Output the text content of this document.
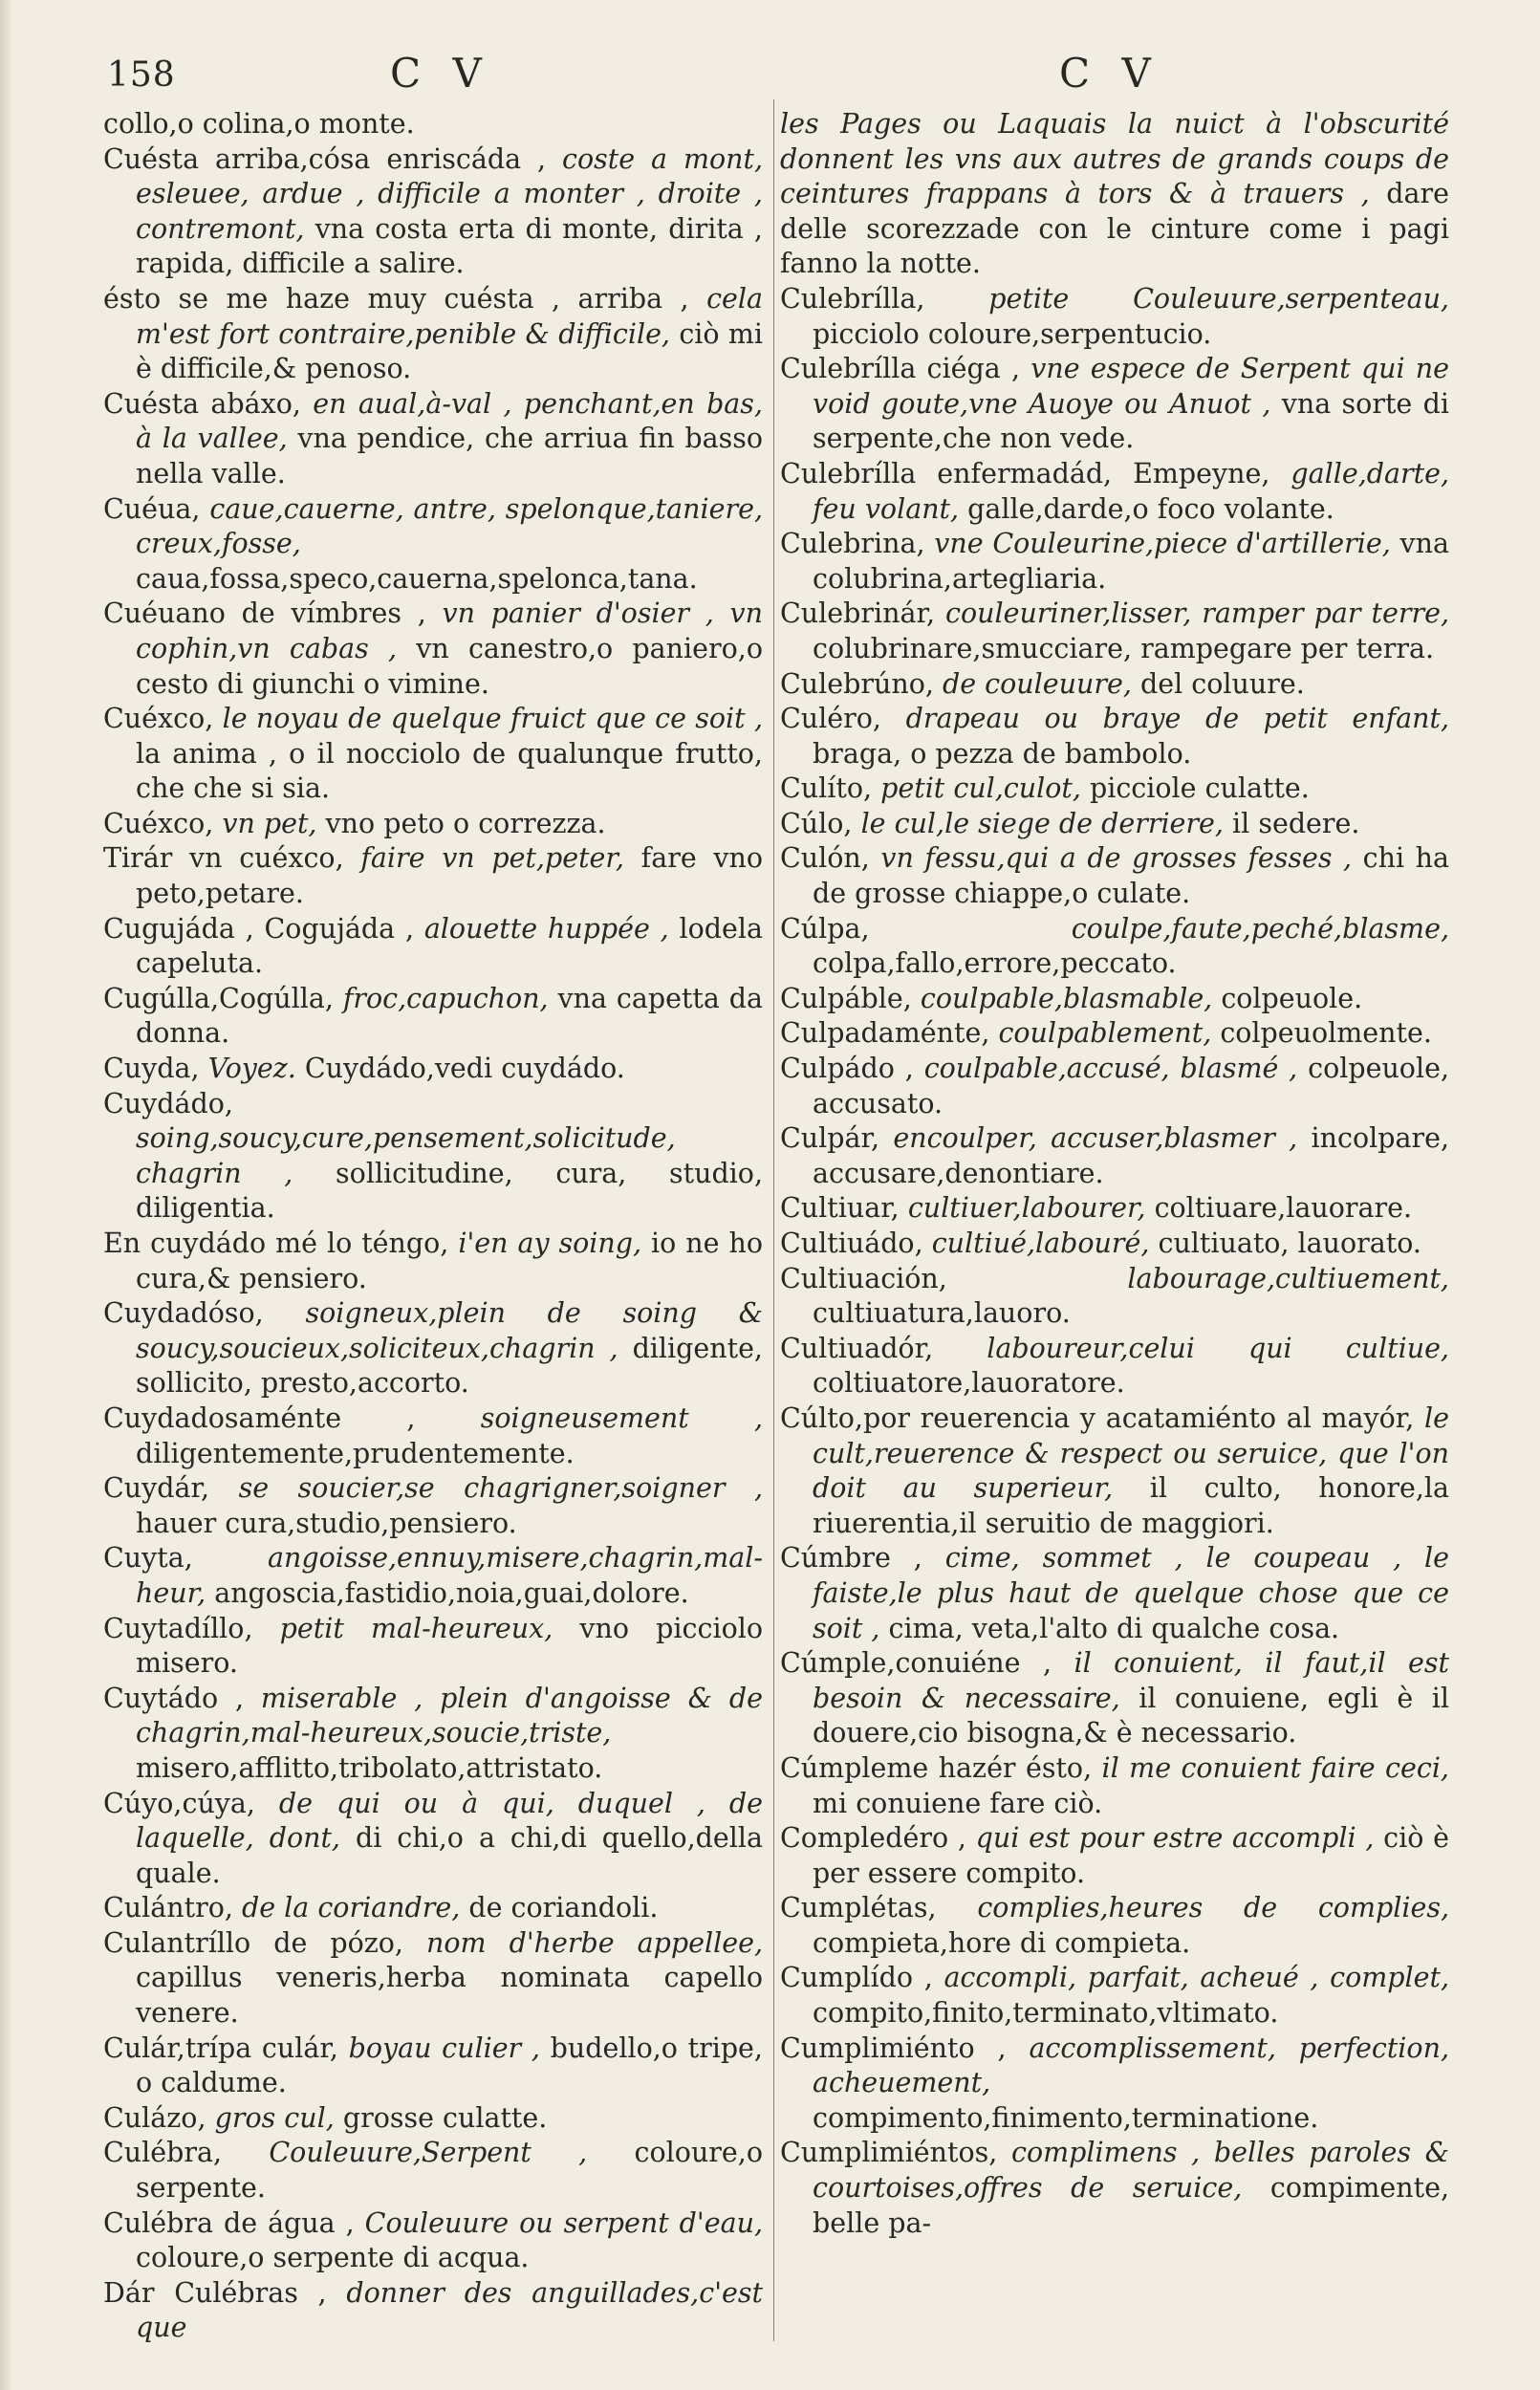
158	C V	C V

collo,o colina,o monte.

Cuésta arriba,cósa enriscáda , coste a mont, esleuee, ardue , difficile a monter , droite , contremont, vna costa erta di monte, dirita , rapida, difficile a salire.

ésto se me haze muy cuésta , arriba , cela m'est fort contraire,penible & difficile, ciò mi è difficile,& penoso.

Cuésta abáxo, en aual,à-val , penchant,en bas, à la vallee, vna pendice, che arriua fin basso nella valle.

Cuéua, caue,cauerne, antre, spelonque,taniere, creux,fosse, caua,fossa,speco,cauerna,spelonca,tana.

Cuéuano de vímbres , vn panier d'osier , vn cophin,vn cabas , vn canestro,o paniero,o cesto di giunchi o vimine.

Cuéxco, le noyau de quelque fruict que ce soit , la anima , o il nocciolo de qualunque frutto, che che si sia.

Cuéxco, vn pet, vno peto o correzza.

Tirár vn cuéxco, faire vn pet,peter, fare vno peto,petare.

Cugujáda , Cogujáda , alouette huppée , lodela capeluta.

Cugúlla,Cogúlla, froc,capuchon, vna capetta da donna.

Cuyda, Voyez. Cuydádo,vedi cuydádo.

Cuydádo, soing,soucy,cure,pensement,solicitude, chagrin , sollicitudine, cura, studio, diligentia.

En cuydádo mé lo téngo, i'en ay soing, io ne ho cura,& pensiero.

Cuydadóso, soigneux,plein de soing & soucy,soucieux,soliciteux,chagrin , diligente, sollicito, presto,accorto.

Cuydadosaménte , soigneusement , diligentemente,prudentemente.

Cuydár, se soucier,se chagrigner,soigner , hauer cura,studio,pensiero.

Cuyta,	angoisse,ennuy,misere,chagrin,mal-heur, angoscia,fastidio,noia,guai,dolore.

Cuytadíllo, petit mal-heureux, vno picciolo misero.

Cuytádo , miserable , plein d'angoisse & de chagrin,mal-heureux,soucie,triste, misero,afflitto,tribolato,attristato.

Cúyo,cúya, de qui ou à qui, duquel , de laquelle, dont, di chi,o a chi,di quello,della quale.

Culántro, de la coriandre, de coriandoli.

Culantríllo de pózo, nom d'herbe appellee, capillus veneris,herba nominata capello venere.

Culár,trípa culár, boyau culier , budello,o tripe, o caldume.

Culázo, gros cul, grosse culatte.

Culébra, Couleuure,Serpent , coloure,o serpente.

Culébra de água , Couleuure ou serpent d'eau, coloure,o serpente di acqua.

Dár Culébras , donner des anguillades,c'est que

les Pages ou Laquais la nuict à l'obscurité donnent les vns aux autres de grands coups de ceintures frappans à tors & à trauers , dare delle scorezzade con le cinture come i pagi fanno la notte.

Culebrílla, petite Couleuure,serpenteau, picciolo coloure,serpentucio.

Culebrílla ciéga , vne espece de Serpent qui ne void goute,vne Auoye ou Anuot , vna sorte di serpente,che non vede.

Culebrílla enfermadád, Empeyne, galle,darte, feu volant, galle,darde,o foco volante.

Culebrina, vne Couleurine,piece d'artillerie, vna colubrina,artegliaria.

Culebrinár, couleuriner,lisser, ramper par terre, colubrinare,smucciare, rampegare per terra.

Culebrúno, de couleuure, del coluure.

Culéro, drapeau ou braye de petit enfant, braga, o pezza de bambolo.

Culíto, petit cul,culot, picciole culatte.

Cúlo, le cul,le siege de derriere, il sedere.

Culón, vn fessu,qui a de grosses fesses , chi ha de grosse chiappe,o culate.

Cúlpa,	coulpe,faute,peché,blasme, colpa,fallo,errore,peccato.

Culpáble, coulpable,blasmable, colpeuole.

Culpadaménte, coulpablement, colpeuolmente.

Culpádo , coulpable,accusé, blasmé , colpeuole, accusato.

Culpár, encoulper, accuser,blasmer , incolpare, accusare,denontiare.

Cultiuar, cultiuer,labourer, coltiuare,lauorare.

Cultiuádo, cultiué,labouré, cultiuato, lauorato.

Cultiuación,	labourage,cultiuement, cultiuatura,lauoro.

Cultiuadór, laboureur,celui qui cultiue, coltiuatore,lauoratore.

Cúlto,por reuerencia y acatamiénto al mayór, le cult,reuerence & respect ou seruice, que l'on doit au superieur, il culto, honore,la riuerentia,il seruitio de maggiori.

Cúmbre , cime, sommet , le coupeau , le faiste,le plus haut de quelque chose que ce soit , cima, veta,l'alto di qualche cosa.

Cúmple,conuiéne , il conuient, il faut,il est besoin & necessaire, il conuiene, egli è il douere,cio bisogna,& è necessario.

Cúmpleme hazér ésto, il me conuient faire ceci, mi conuiene fare ciò.

Compledéro , qui est pour estre accompli , ciò è per essere compito.

Cumplétas, complies,heures de complies, compieta,hore di compieta.

Cumplído , accompli, parfait, acheué , complet, compito,finito,terminato,vltimato.

Cumplimiénto , accomplissement, perfection, acheuement, compimento,finimento,terminatione.

Cumplimiéntos, complimens , belles paroles & courtoises,offres de seruice, compimente, belle pa-
